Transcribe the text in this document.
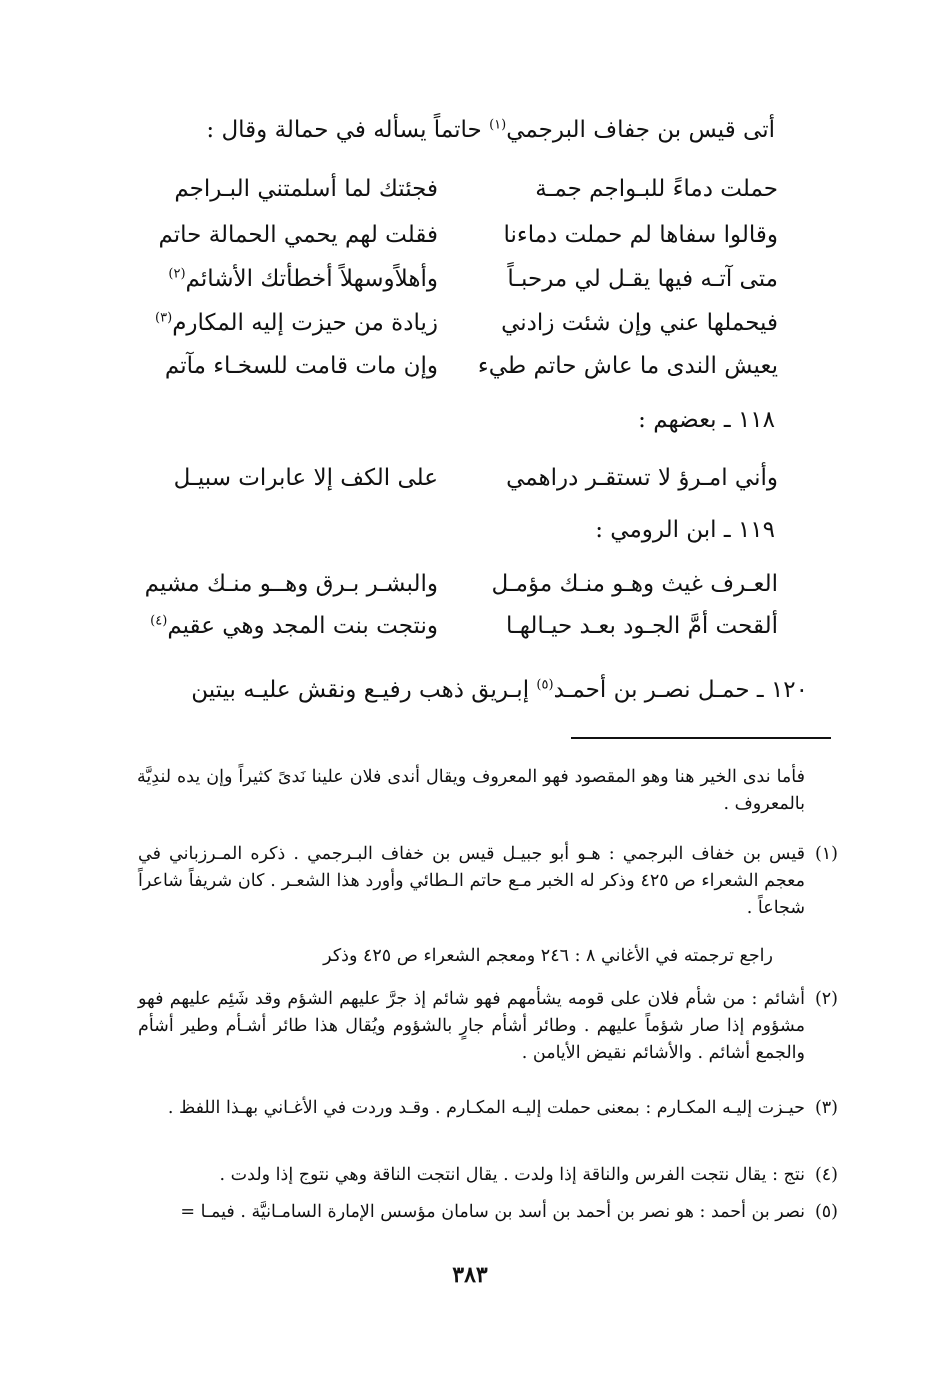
أتى قيس بن جفاف البرجمي$^{(١)}$ حاتماً يسأله في حمالة وقال :
حملت دماءً للبـواجم جمـة
فجئتك لما أسلمتني البـراجم
وقالوا سفاها لم حملت دماءنا
فقلت لهم يحمي الحمالة حاتم
متى آتـه فيها يقـل لي مرحبـاً
وأهلاًوسهلاً أخطأتك الأشائم$^{(٢)}$
فيحملها عني وإن شئت زادني
زيادة من حيزت إليه المكارم$^{(٣)}$
يعيش الندى ما عاش حاتم طيء
وإن مات قامت للسخـاء مآتم
١١٨ ـ بعضهم :
وأني امـرؤ لا تستقـر دراهمي
على الكف إلا عابرات سبيـل
١١٩ ـ ابن الرومي :
العـرف غيث وهـو منـك مؤمـل
والبشـر بـرق وهــو منـك مشيم
ألقحت أمَّ الجـود بعـد حيـالهـا
ونتجت بنت المجد وهي عقيم$^{(٤)}$
١٢٠ ـ حمـل نصـر بن أحمـد$^{(٥)}$ إبـريق ذهب رفيـع ونقش عليـه بيتين
فأما ندى الخير هنا وهو المقصود فهو المعروف ويقال أندى فلان علينا نَدىً كثيراً وإن يده لندِيَّة بالمعروف .
(١)
قيس بن خفاف البرجمي : هـو أبو جبيـل قيس بن خفاف البـرجمي . ذكره المـرزباني في معجم الشعراء ص ٤٢٥ وذكر له الخبر مـع حاتم الـطائي وأورد هذا الشعـر . كان شريفاً شاعراً شجاعاً .
راجع ترجمته في الأغاني ٨ : ٢٤٦ ومعجم الشعراء ص ٤٢٥ وذكر
(٢)
أشائم : من شأم فلان على قومه يشأمهم فهو شائم إذ جرَّ عليهم الشؤم وقد شَئِم عليهم فهو مشؤوم إذا صار شؤماً عليهم . وطائر أشأم جارٍ بالشؤوم ويُقال هذا طائر أشـأم وطير أشأم والجمع أشائم . والأشائم نقيض الأيامن .
(٣)
حيـزت إليـه المكـارم : بمعنى حملت إليـه المكـارم . وقـد وردت في الأغـاني بهـذا اللفظ .
(٤)
نتج : يقال نتجت الفرس والناقة إذا ولدت . يقال انتجت الناقة وهي نتوج إذا ولدت .
(٥)
نصر بن أحمد : هو نصر بن أحمد بن أسد بن سامان مؤسس الإمارة السامـانيَّة . فيمـا =
٣٨٣
